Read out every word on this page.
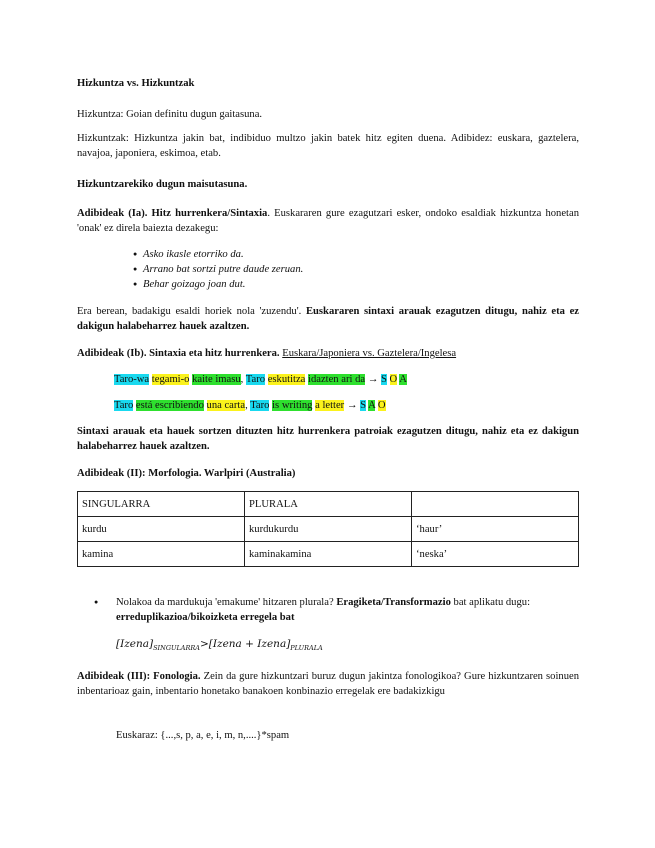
Hizkuntza vs. Hizkuntzak
Hizkuntza: Goian definitu dugun gaitasuna.
Hizkuntzak: Hizkuntza jakin bat, indibiduo multzo jakin batek hitz egiten duena. Adibidez: euskara, gaztelera, navajoa, japoniera, eskimoa, etab.
Hizkuntzarekiko dugun maisutasuna.
Adibideak (Ia). Hitz hurrenkera/Sintaxia. Euskararen gure ezagutzari esker, ondoko esaldiak hizkuntza honetan 'onak' ez direla baiezta dezakegu:
● Asko ikasle etorriko da.
● Arrano bat sortzi putre daude zeruan.
● Behar goizago joan dut.
Era berean, badakigu esaldi horiek nola 'zuzendu'. Euskararen sintaxi arauak ezagutzen ditugu, nahiz eta ez dakigun halabeharrez hauek azaltzen.
Adibideak (Ib). Sintaxia eta hitz hurrenkera. Euskara/Japoniera vs. Gaztelera/Ingelesa
Taro-wa tegami-o kaite imasu, Taro eskutitza idazten ari da → S O A
Taro está escribiendo una carta, Taro is writing a letter → S A O
Sintaxi arauak eta hauek sortzen dituzten hitz hurrenkera patroiak ezagutzen ditugu, nahiz eta ez dakigun halabeharrez hauek azaltzen.
Adibideak (II): Morfologia. Warlpiri (Australia)
SINGULARRA	PLURALA	
kurdu	kurdukurdu	‘haur’
kamina	kaminakamina	‘neska’
●	Nolakoa da mardukuja 'emakume' hitzaren plurala? Eragiketa/Transformazio bat aplikatu dugu: erreduplikazioa/bikoizketa erregela bat
$[Izena]_{SINGULARRA}>[Izena$ + $Izena]_{PLURALA}$
Adibideak (III): Fonologia. Zein da gure hizkuntzari buruz dugun jakintza fonologikoa? Gure hizkuntzaren soinuen inbentarioaz gain, inbentario honetako banakoen konbinazio erregelak ere badakizkigu
Euskaraz: {...,s, p, a, e, i, m, n,....}*spam
